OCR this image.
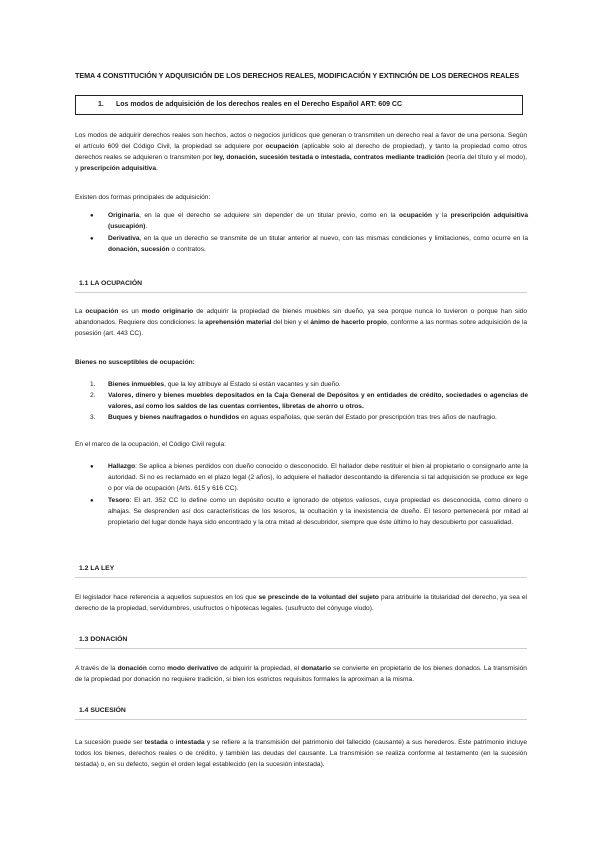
TEMA 4 CONSTITUCIÓN Y ADQUISICIÓN DE LOS DERECHOS REALES, MODIFICACIÓN Y EXTINCIÓN DE LOS DERECHOS REALES
1. Los modos de adquisición de los derechos reales en el Derecho Español ART: 609 CC

Los modos de adquirir derechos reales son hechos, actos o negocios jurídicos que generan o transmiten un derecho real a favor de una persona. Según el artículo 609 del Código Civil, la propiedad se adquiere por ocupación (aplicable solo al derecho de propiedad), y tanto la propiedad como otros derechos reales se adquieren o transmiten por ley, donación, sucesión testada o intestada, contratos mediante tradición (teoría del título y el modo), y prescripción adquisitiva.

Existen dos formas principales de adquisición:

● Originaria, en la que el derecho se adquiere sin depender de un titular previo, como en la ocupación y la prescripción adquisitiva (usucapión).
● Derivativa, en la que un derecho se transmite de un titular anterior al nuevo, con las mismas condiciones y limitaciones, como ocurre en la donación, sucesión o contratos.
1.1 LA OCUPACIÓN

La ocupación es un modo originario de adquirir la propiedad de bienes muebles sin dueño, ya sea porque nunca lo tuvieron o porque han sido abandonados. Requiere dos condiciones: la aprehensión material del bien y el ánimo de hacerlo propio, conforme a las normas sobre adquisición de la posesión (art. 443 CC).

Bienes no susceptibles de ocupación:

1. Bienes inmuebles, que la ley atribuye al Estado si están vacantes y sin dueño.
2. Valores, dinero y bienes muebles depositados en la Caja General de Depósitos y en entidades de crédito, sociedades o agencias de valores, así como los saldos de las cuentas corrientes, libretas de ahorro u otros.
3. Buques y bienes naufragados o hundidos en aguas españolas, que serán del Estado por prescripción tras tres años de naufragio.

En el marco de la ocupación, el Código Civil regula:

● Hallazgo: Se aplica a bienes perdidos con dueño conocido o desconocido. El hallador debe restituir el bien al propietario o consignarlo ante la autoridad. Si no es reclamado en el plazo legal (2 años), lo adquiere el hallador descontando la diferencia si tal adquisición se produce ex lege o por vía de ocupación (Arts. 615 y 616 CC).
● Tesoro: El art. 352 CC lo define como un depósito oculto e ignorado de objetos valiosos, cuya propiedad es desconocida, como dinero o alhajas. Se desprenden así dos características de los tesoros, la ocultación y la inexistencia de dueño. El tesoro pertenecerá por mitad al propietario del lugar donde haya sido encontrado y la otra mitad al descubridor, siempre que éste último lo hay descubierto por casualidad.
1.2 LA LEY

El legislador hace referencia a aquellos supuestos en los que se prescinde de la voluntad del sujeto para atribuirle la titularidad del derecho, ya sea el derecho de la propiedad, servidumbres, usufructos o hipotecas legales. (usufructo del cónyuge viudo).

1.3 DONACIÓN

A través de la donación como modo derivativo de adquirir la propiedad, el donatario se convierte en propietario de los bienes donados. La transmisión de la propiedad por donación no requiere tradición, si bien los estrictos requisitos formales la aproximan a la misma.

1.4 SUCESIÓN

La sucesión puede ser testada o intestada y se refiere a la transmisión del patrimonio del fallecido (causante) a sus herederos. Este patrimonio incluye todos los bienes, derechos reales o de crédito, y también las deudas del causante. La transmisión se realiza conforme al testamento (en la sucesión testada) o, en su defecto, según el orden legal establecido (en la sucesión intestada).
